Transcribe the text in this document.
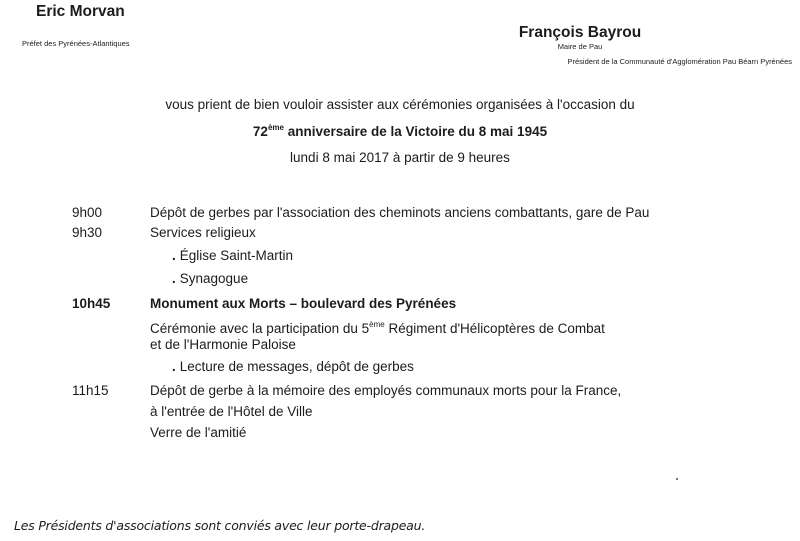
Eric Morvan
Préfet des Pyrénées-Atlantiques
François Bayrou
Maire de Pau
Président de la Communauté d'Agglomération Pau Béarn Pyrénées
vous prient de bien vouloir assister aux cérémonies organisées à l'occasion du
72ème anniversaire de la Victoire du 8 mai 1945
lundi 8 mai 2017 à partir de 9 heures
9h00	Dépôt de gerbes par l'association des cheminots anciens combattants, gare de Pau
9h30	Services religieux
. Église Saint-Martin
. Synagogue
10h45	Monument aux Morts – boulevard des Pyrénées
Cérémonie avec la participation du 5ème Régiment d'Hélicoptères de Combat
et de l'Harmonie Paloise
. Lecture de messages, dépôt de gerbes
11h15	Dépôt de gerbe à la mémoire des employés communaux morts pour la France,
à l'entrée de l'Hôtel de Ville
Verre de l'amitié
Les Présidents d'associations sont conviés avec leur porte-drapeau.
